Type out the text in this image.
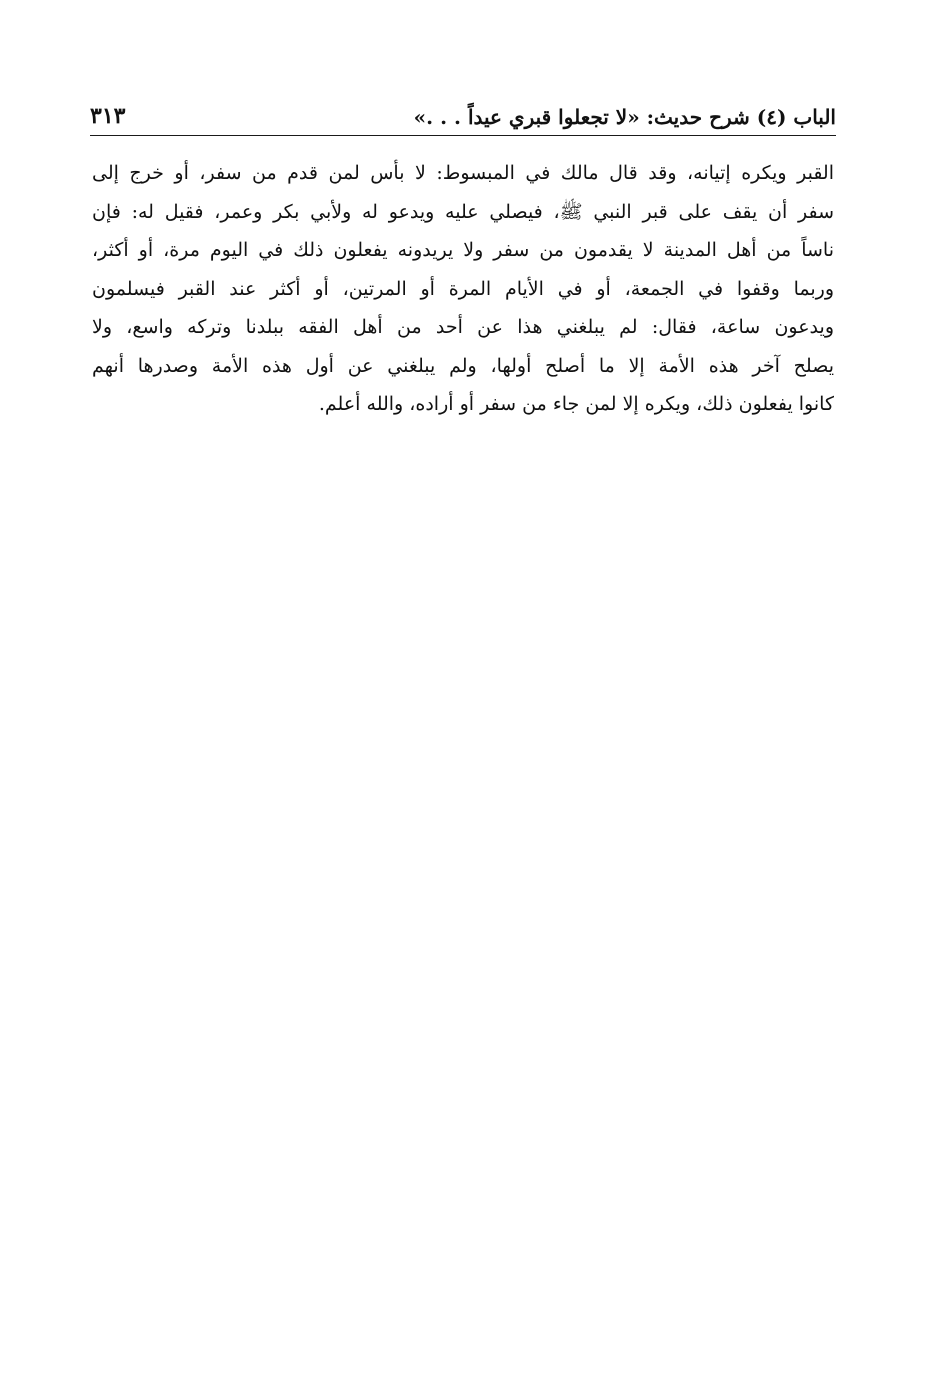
الباب (٤) شرح حديث: «لا تجعلوا قبري عيداً . . .»
٣١٣
القبر ويكره إتيانه، وقد قال مالك في المبسوط: لا بأس لمن قدم من سفر، أو خرج إلى
سفر أن يقف على قبر النبي ﷺ، فيصلي عليه ويدعو له ولأبي بكر وعمر، فقيل له: فإن
ناساً من أهل المدينة لا يقدمون من سفر ولا يريدونه يفعلون ذلك في اليوم مرة، أو أكثر،
وربما وقفوا في الجمعة، أو في الأيام المرة أو المرتين، أو أكثر عند القبر فيسلمون
ويدعون ساعة، فقال: لم يبلغني هذا عن أحد من أهل الفقه ببلدنا وتركه واسع، ولا
يصلح آخر هذه الأمة إلا ما أصلح أولها، ولم يبلغني عن أول هذه الأمة وصدرها أنهم
كانوا يفعلون ذلك، ويكره إلا لمن جاء من سفر أو أراده، والله أعلم.
